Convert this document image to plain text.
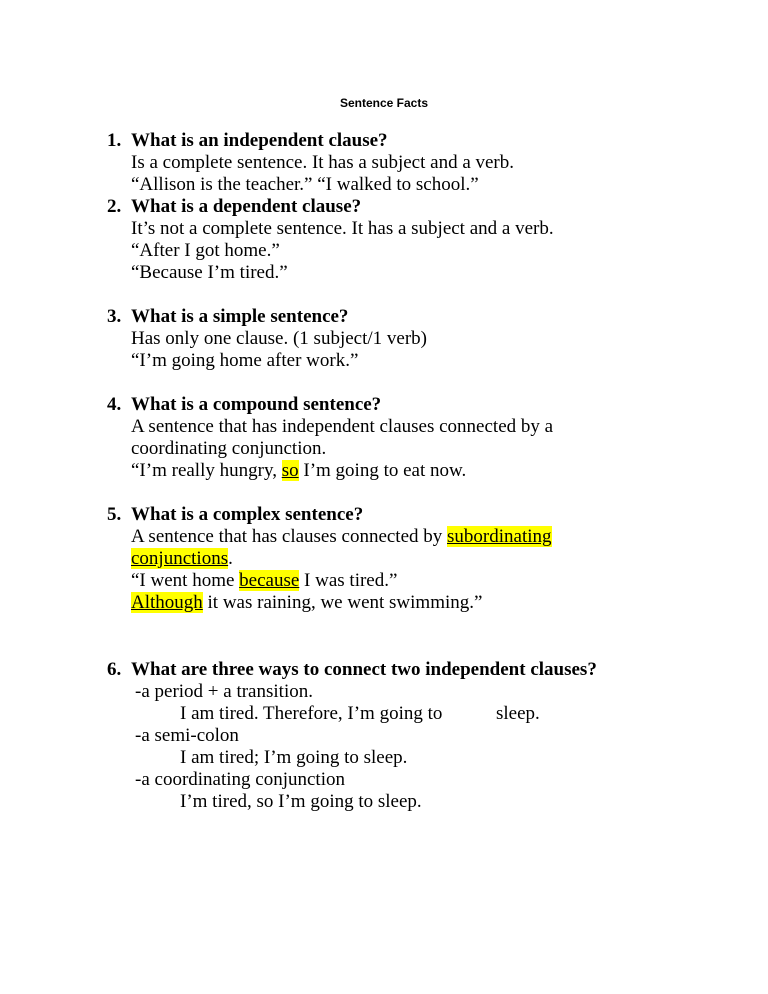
Sentence Facts
1. What is an independent clause?
Is a complete sentence. It has a subject and a verb.
“Allison is the teacher.” “I walked to school.”
2. What is a dependent clause?
It’s not a complete sentence. It has a subject and a verb.
“After I got home.”
“Because I’m tired.”
3. What is a simple sentence?
Has only one clause. (1 subject/1 verb)
“I’m going home after work.”
4. What is a compound sentence?
A sentence that has independent clauses connected by a
coordinating conjunction.
“I’m really hungry, so I’m going to eat now.
5. What is a complex sentence?
A sentence that has clauses connected by subordinating
conjunctions.
“I went home because I was tired.”
Although it was raining, we went swimming.”
6. What are three ways to connect two independent clauses?
-a period + a transition.
I am tired. Therefore, I’m going to	sleep.
-a semi-colon
I am tired; I’m going to sleep.
-a coordinating conjunction
I’m tired, so I’m going to sleep.
